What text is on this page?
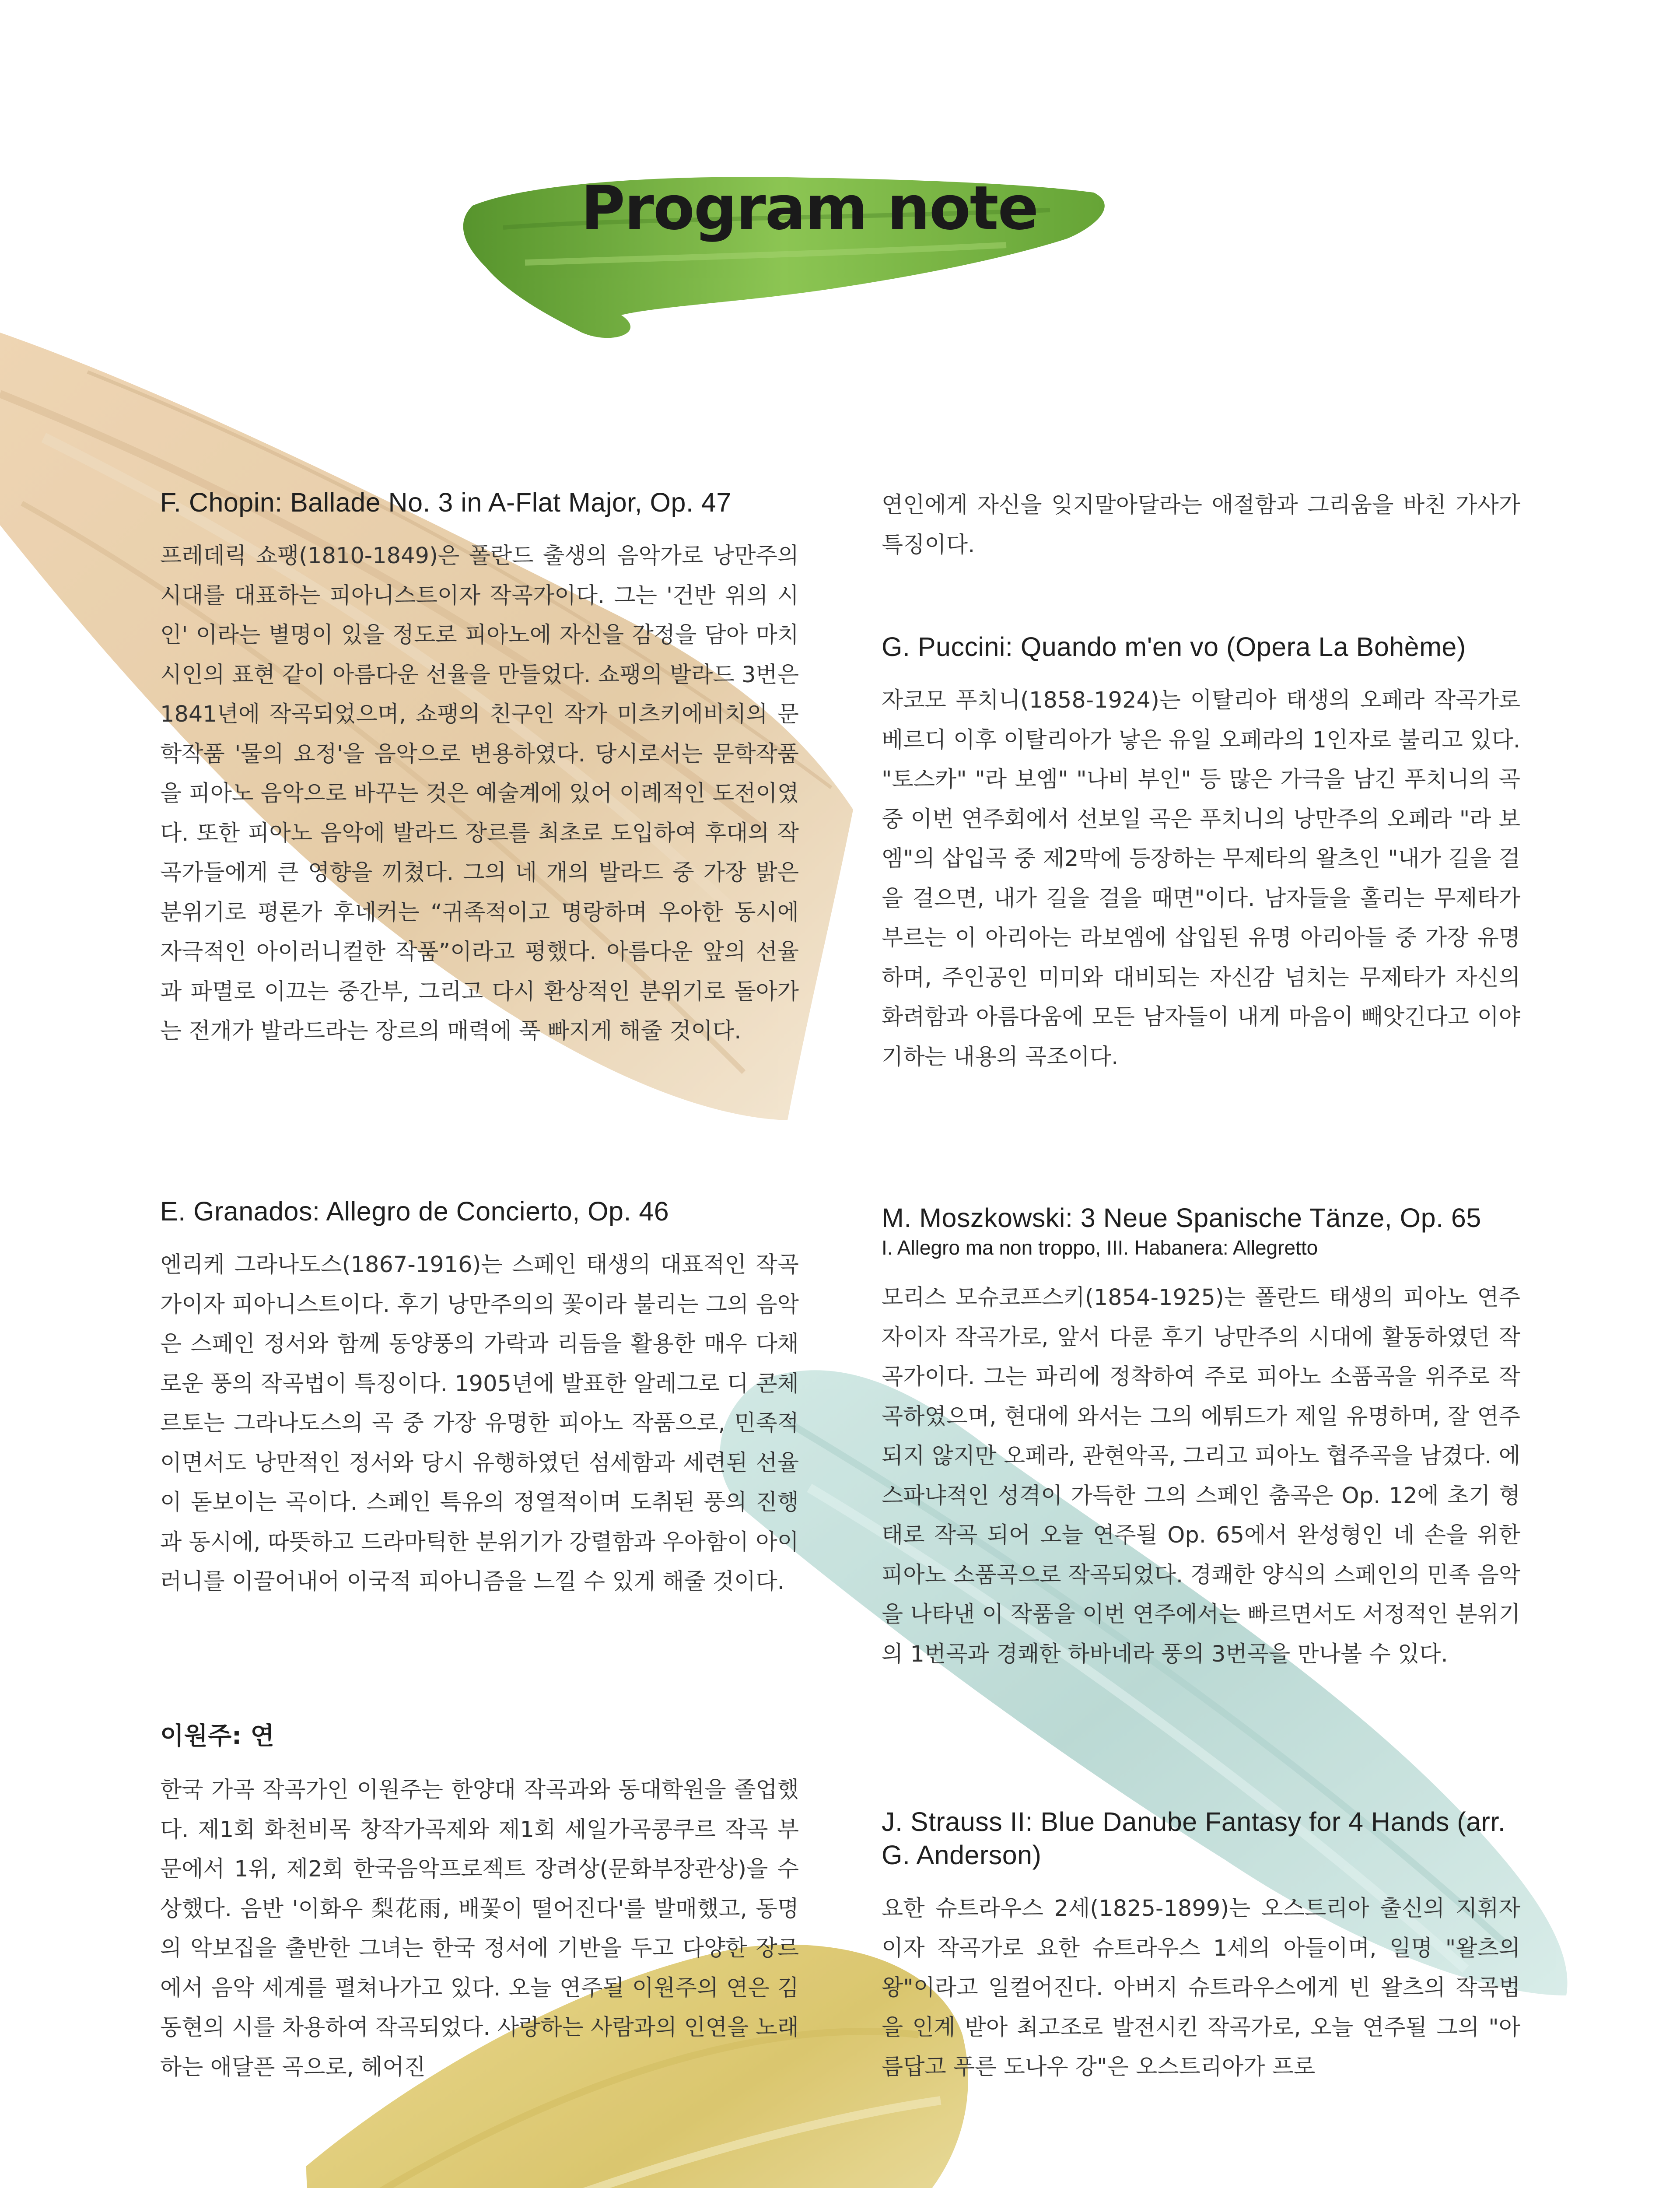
Program note
F. Chopin: Ballade No. 3 in A-Flat Major, Op. 47

프레데릭 쇼팽(1810-1849)은 폴란드 출생의 음악가로 낭만주의 시대를 대표하는 피아니스트이자 작곡가이다. 그는 '건반 위의 시인' 이라는 별명이 있을 정도로 피아노에 자신을 감정을 담아 마치 시인의 표현 같이 아름다운 선율을 만들었다. 쇼팽의 발라드 3번은 1841년에 작곡되었으며, 쇼팽의 친구인 작가 미츠키에비치의 문학작품 '물의 요정'을 음악으로 변용하였다. 당시로서는 문학작품을 피아노 음악으로 바꾸는 것은 예술계에 있어 이례적인 도전이였다. 또한 피아노 음악에 발라드 장르를 최초로 도입하여 후대의 작곡가들에게 큰 영향을 끼쳤다. 그의 네 개의 발라드 중 가장 밝은 분위기로 평론가 후네커는 “귀족적이고 명랑하며 우아한 동시에 자극적인 아이러니컬한 작품”이라고 평했다. 아름다운 앞의 선율과 파멸로 이끄는 중간부, 그리고 다시 환상적인 분위기로 돌아가는 전개가 발라드라는 장르의 매력에 푹 빠지게 해줄 것이다.

E. Granados: Allegro de Concierto, Op. 46

엔리케 그라나도스(1867-1916)는 스페인 태생의 대표적인 작곡가이자 피아니스트이다. 후기 낭만주의의 꽃이라 불리는 그의 음악은 스페인 정서와 함께 동양풍의 가락과 리듬을 활용한 매우 다채로운 풍의 작곡법이 특징이다. 1905년에 발표한 알레그로 디 콘체르토는 그라나도스의 곡 중 가장 유명한 피아노 작품으로, 민족적이면서도 낭만적인 정서와 당시 유행하였던 섬세함과 세련된 선율이 돋보이는 곡이다. 스페인 특유의 정열적이며 도취된 풍의 진행과 동시에, 따뜻하고 드라마틱한 분위기가 강렬함과 우아함이 아이러니를 이끌어내어 이국적 피아니즘을 느낄 수 있게 해줄 것이다.

이원주: 연

한국 가곡 작곡가인 이원주는 한양대 작곡과와 동대학원을 졸업했다. 제1회 화천비목 창작가곡제와 제1회 세일가곡콩쿠르 작곡 부문에서 1위, 제2회 한국음악프로젝트 장려상(문화부장관상)을 수상했다. 음반 '이화우 梨花雨, 배꽃이 떨어진다'를 발매했고, 동명의 악보집을 출반한 그녀는 한국 정서에 기반을 두고 다양한 장르에서 음악 세계를 펼쳐나가고 있다. 오늘 연주될 이원주의 연은 김동현의 시를 차용하여 작곡되었다. 사랑하는 사람과의 인연을 노래하는 애달픈 곡으로, 헤어진

연인에게 자신을 잊지말아달라는 애절함과 그리움을 바친 가사가 특징이다.

G. Puccini: Quando m'en vo (Opera La Bohème)

자코모 푸치니(1858-1924)는 이탈리아 태생의 오페라 작곡가로 베르디 이후 이탈리아가 낳은 유일 오페라의 1인자로 불리고 있다. "토스카" "라 보엠" "나비 부인" 등 많은 가극을 남긴 푸치니의 곡 중 이번 연주회에서 선보일 곡은 푸치니의 낭만주의 오페라 "라 보엠"의 삽입곡 중 제2막에 등장하는 무제타의 왈츠인 "내가 길을 걸을 걸으면, 내가 길을 걸을 때면"이다. 남자들을 홀리는 무제타가 부르는 이 아리아는 라보엠에 삽입된 유명 아리아들 중 가장 유명하며, 주인공인 미미와 대비되는 자신감 넘치는 무제타가 자신의 화려함과 아름다움에 모든 남자들이 내게 마음이 빼앗긴다고 이야기하는 내용의 곡조이다.

M. Moszkowski: 3 Neue Spanische Tänze, Op. 65
I. Allegro ma non troppo, III. Habanera: Allegretto

모리스 모슈코프스키(1854-1925)는 폴란드 태생의 피아노 연주자이자 작곡가로, 앞서 다룬 후기 낭만주의 시대에 활동하였던 작곡가이다. 그는 파리에 정착하여 주로 피아노 소품곡을 위주로 작곡하였으며, 현대에 와서는 그의 에튀드가 제일 유명하며, 잘 연주되지 않지만 오페라, 관현악곡, 그리고 피아노 협주곡을 남겼다. 에스파냐적인 성격이 가득한 그의 스페인 춤곡은 Op. 12에 초기 형태로 작곡 되어 오늘 연주될 Op. 65에서 완성형인 네 손을 위한 피아노 소품곡으로 작곡되었다. 경쾌한 양식의 스페인의 민족 음악을 나타낸 이 작품을 이번 연주에서는 빠르면서도 서정적인 분위기의 1번곡과 경쾌한 하바네라 풍의 3번곡을 만나볼 수 있다.

J. Strauss II: Blue Danube Fantasy for 4 Hands (arr. G. Anderson)

요한 슈트라우스 2세(1825-1899)는 오스트리아 출신의 지휘자이자 작곡가로 요한 슈트라우스 1세의 아들이며, 일명 "왈츠의 왕"이라고 일컬어진다. 아버지 슈트라우스에게 빈 왈츠의 작곡법을 인계 받아 최고조로 발전시킨 작곡가로, 오늘 연주될 그의 "아름답고 푸른 도나우 강"은 오스트리아가 프로
